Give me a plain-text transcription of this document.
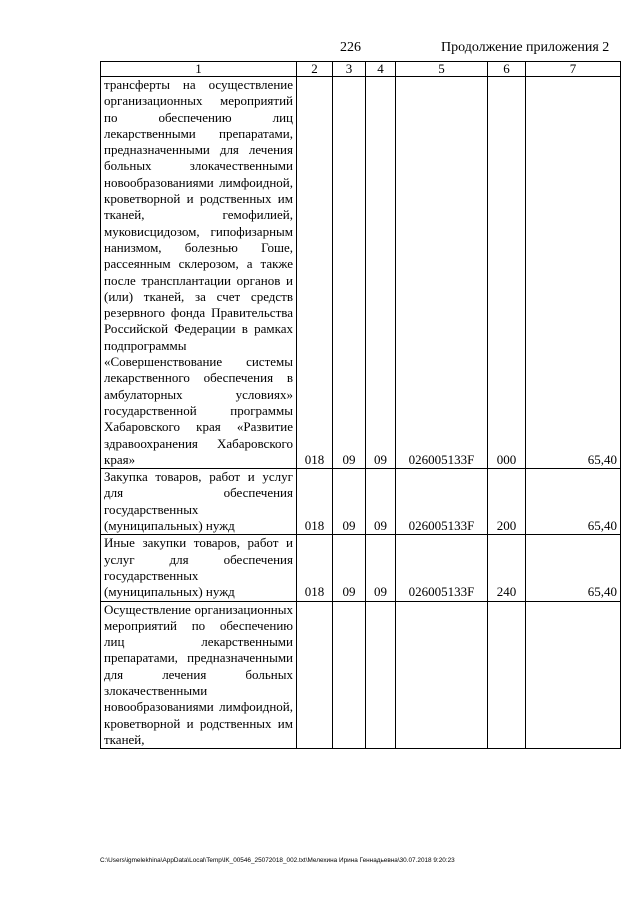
226	Продолжение приложения 2
1	2	3	4	5	6	7
трансферты на осуществление организационных мероприятий по обеспечению лиц лекарственными препаратами, предназначенными для лечения больных злокачественными новообразованиями лимфоидной, кроветворной и родственных им тканей, гемофилией, муковисцидозом, гипофизарным нанизмом, болезнью Гоше, рассеянным склерозом, а также после трансплантации органов и (или) тканей, за счет средств резервного фонда Правительства Российской Федерации в рамках подпрограммы «Совершенствование системы лекарственного обеспечения в амбулаторных условиях» государственной программы Хабаровского края «Развитие здравоохранения Хабаровского края»	018	09	09	026005133F	000	65,40
Закупка товаров, работ и услуг для обеспечения государственных (муниципальных) нужд	018	09	09	026005133F	200	65,40
Иные закупки товаров, работ и услуг для обеспечения государственных (муниципальных) нужд	018	09	09	026005133F	240	65,40
Осуществление организационных мероприятий по обеспечению лиц лекарственными препаратами, предназначенными для лечения больных злокачественными новообразованиями лимфоидной, кроветворной и родственных им тканей,						
C:\Users\igmelekhina\AppData\Local\Temp\IK_00546_25072018_002.txt\Мелехина Ирина Геннадьевна\30.07.2018 9:20:23
